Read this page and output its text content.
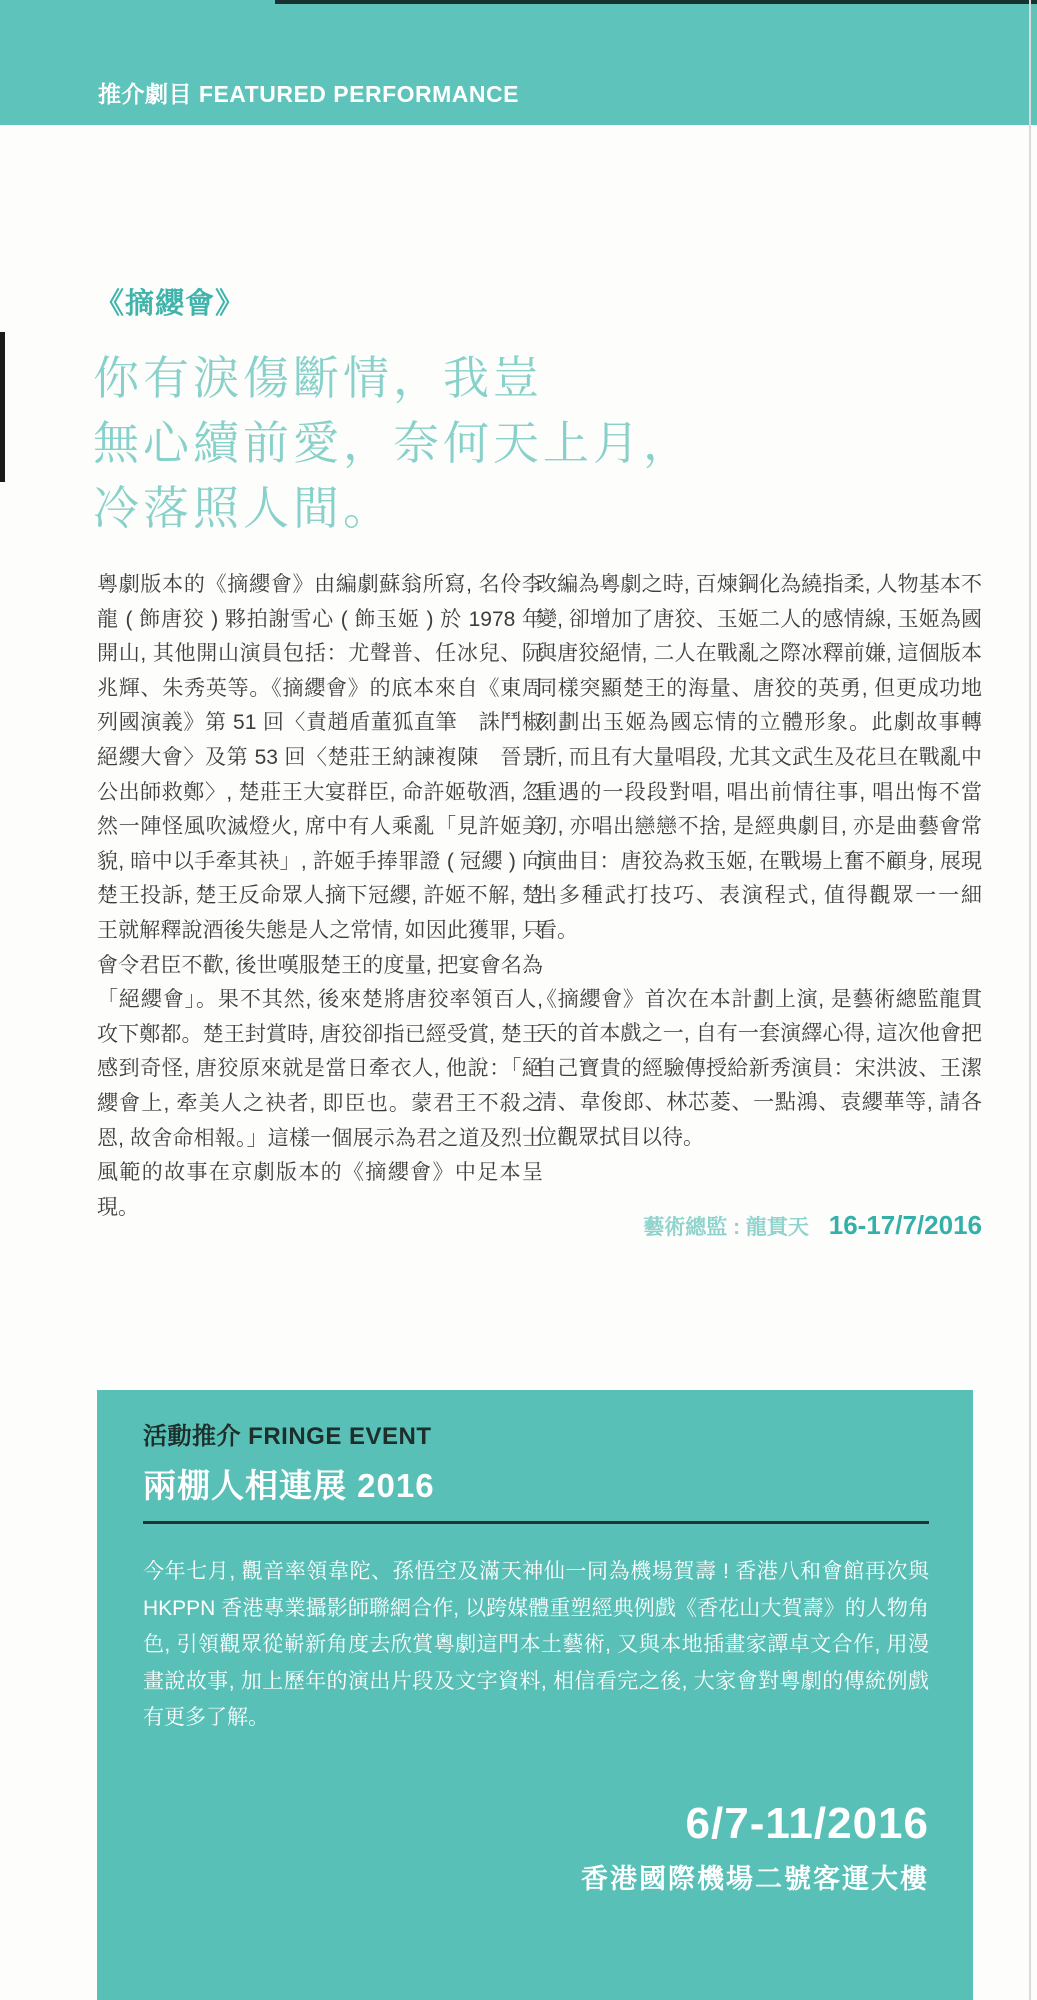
推介劇目 FEATURED PERFORMANCE
《摘纓會》
你有淚傷斷情，我豈
無心續前愛，奈何天上月，
冷落照人間。

粵劇版本的《摘纓會》由編劇蘇翁所寫, 名伶李龍 ( 飾唐狡 ) 夥拍謝雪心 ( 飾玉姬 ) 於 1978 年開山, 其他開山演員包括：尤聲普、任冰兒、阮兆輝、朱秀英等。《摘纓會》的底本來自《東周列國演義》第 51 回〈責趙盾董狐直筆　誅鬥椒絕纓大會〉及第 53 回〈楚莊王納諫複陳　晉景公出師救鄭〉, 楚莊王大宴群臣, 命許姬敬酒, 忽然一陣怪風吹滅燈火, 席中有人乘亂「見許姬美貌, 暗中以手牽其袂」, 許姬手捧罪證 ( 冠纓 ) 向楚王投訴, 楚王反命眾人摘下冠纓, 許姬不解, 楚王就解釋說酒後失態是人之常情, 如因此獲罪, 只會令君臣不歡, 後世嘆服楚王的度量, 把宴會名為「絕纓會」。果不其然, 後來楚將唐狡率領百人, 攻下鄭都。楚王封賞時, 唐狡卻指已經受賞, 楚王感到奇怪, 唐狡原來就是當日牽衣人, 他說：「絕纓會上, 牽美人之袂者, 即臣也。蒙君王不殺之恩, 故舍命相報。」這樣一個展示為君之道及烈士風範的故事在京劇版本的《摘纓會》中足本呈現。

改編為粵劇之時, 百煉鋼化為繞指柔, 人物基本不變, 卻增加了唐狡、玉姬二人的感情線, 玉姬為國與唐狡絕情, 二人在戰亂之際冰釋前嫌, 這個版本同樣突顯楚王的海量、唐狡的英勇, 但更成功地刻劃出玉姬為國忘情的立體形象。此劇故事轉折, 而且有大量唱段, 尤其文武生及花旦在戰亂中重遇的一段段對唱, 唱出前情往事, 唱出悔不當初, 亦唱出戀戀不捨, 是經典劇目, 亦是曲藝會常演曲目：唐狡為救玉姬, 在戰場上奮不顧身, 展現出多種武打技巧、表演程式, 值得觀眾一一細看。

《摘纓會》首次在本計劃上演, 是藝術總監龍貫天的首本戲之一, 自有一套演繹心得, 這次他會把自己寶貴的經驗傳授給新秀演員：宋洪波、王潔清、韋俊郎、林芯菱、一點鴻、袁纓華等, 請各位觀眾拭目以待。

藝術總監 : 龍貫天 16-17/7/2016
活動推介 FRINGE EVENT
兩棚人相連展 2016

今年七月, 觀音率領韋陀、孫悟空及滿天神仙一同為機場賀壽 ! 香港八和會館再次與 HKPPN 香港專業攝影師聯網合作, 以跨媒體重塑經典例戲《香花山大賀壽》的人物角色, 引領觀眾從嶄新角度去欣賞粵劇這門本土藝術, 又與本地插畫家譚卓文合作, 用漫畫說故事, 加上歷年的演出片段及文字資料, 相信看完之後, 大家會對粵劇的傳統例戲有更多了解。

6/7-11/2016
香港國際機場二號客運大樓
